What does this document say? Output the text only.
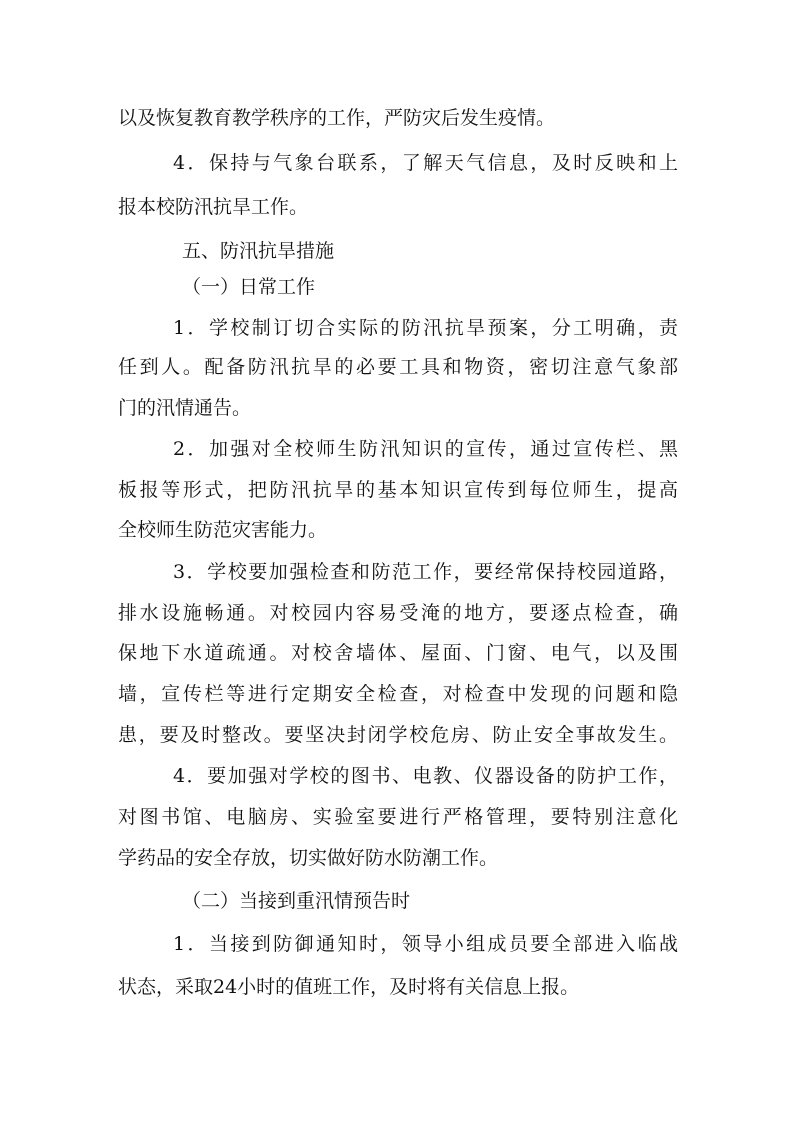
以及恢复教育教学秩序的工作，严防灾后发生疫情。
4．保持与气象台联系，了解天气信息，及时反映和上
报本校防汛抗旱工作。
五、防汛抗旱措施
（一）日常工作
1．学校制订切合实际的防汛抗旱预案，分工明确，责
任到人。配备防汛抗旱的必要工具和物资，密切注意气象部
门的汛情通告。
2．加强对全校师生防汛知识的宣传，通过宣传栏、黑
板报等形式，把防汛抗旱的基本知识宣传到每位师生，提高
全校师生防范灾害能力。
3．学校要加强检查和防范工作，要经常保持校园道路，
排水设施畅通。对校园内容易受淹的地方，要逐点检查，确
保地下水道疏通。对校舍墙体、屋面、门窗、电气，以及围
墙，宣传栏等进行定期安全检查，对检查中发现的问题和隐
患，要及时整改。要坚决封闭学校危房、防止安全事故发生。
4．要加强对学校的图书、电教、仪器设备的防护工作，
对图书馆、电脑房、实验室要进行严格管理，要特别注意化
学药品的安全存放，切实做好防水防潮工作。
（二）当接到重汛情预告时
1．当接到防御通知时，领导小组成员要全部进入临战
状态，采取24小时的值班工作，及时将有关信息上报。
